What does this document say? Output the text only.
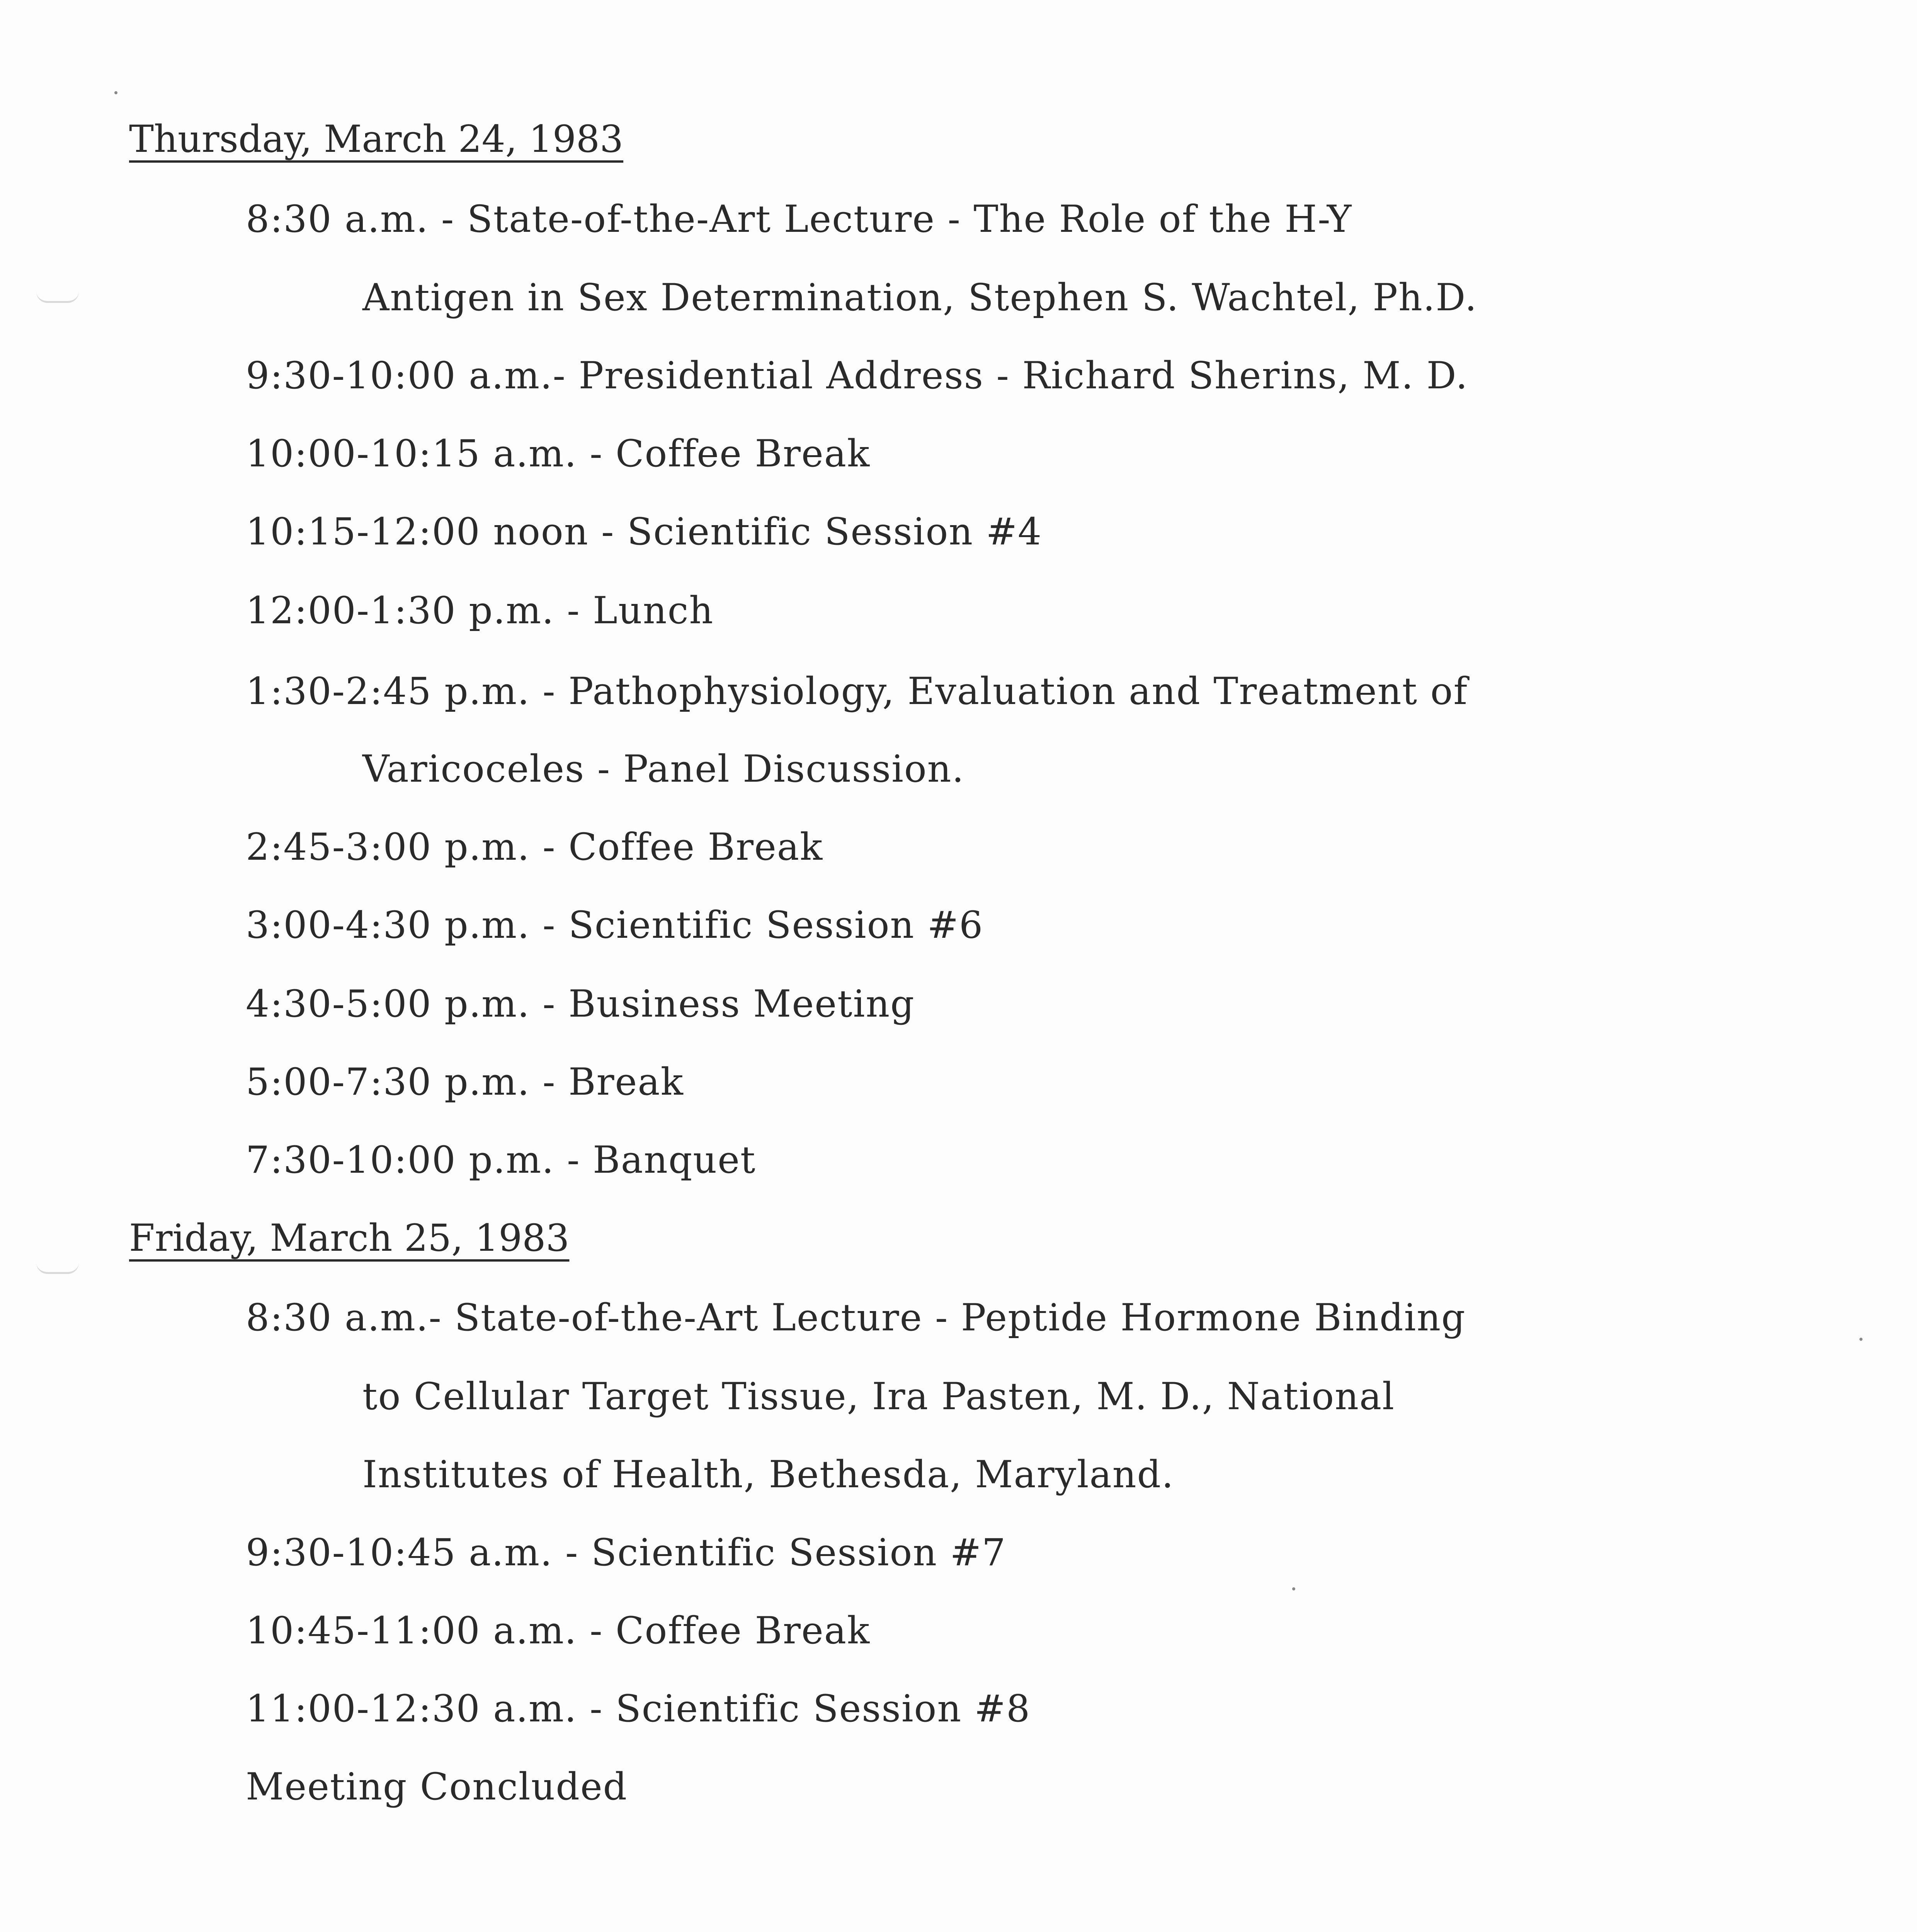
Thursday, March 24, 1983
8:30 a.m. - State-of-the-Art Lecture - The Role of the H-Y
Antigen in Sex Determination, Stephen S. Wachtel, Ph.D.
9:30-10:00 a.m.- Presidential Address - Richard Sherins, M. D.
10:00-10:15 a.m. - Coffee Break
10:15-12:00 noon - Scientific Session #4
12:00-1:30 p.m. - Lunch
1:30-2:45 p.m. - Pathophysiology, Evaluation and Treatment of
Varicoceles - Panel Discussion.
2:45-3:00 p.m. - Coffee Break
3:00-4:30 p.m. - Scientific Session #6
4:30-5:00 p.m. - Business Meeting
5:00-7:30 p.m. - Break
7:30-10:00 p.m. - Banquet
Friday, March 25, 1983
8:30 a.m.- State-of-the-Art Lecture - Peptide Hormone Binding
to Cellular Target Tissue, Ira Pasten, M. D., National
Institutes of Health, Bethesda, Maryland.
9:30-10:45 a.m. - Scientific Session #7
10:45-11:00 a.m. - Coffee Break
11:00-12:30 a.m. - Scientific Session #8
Meeting Concluded
